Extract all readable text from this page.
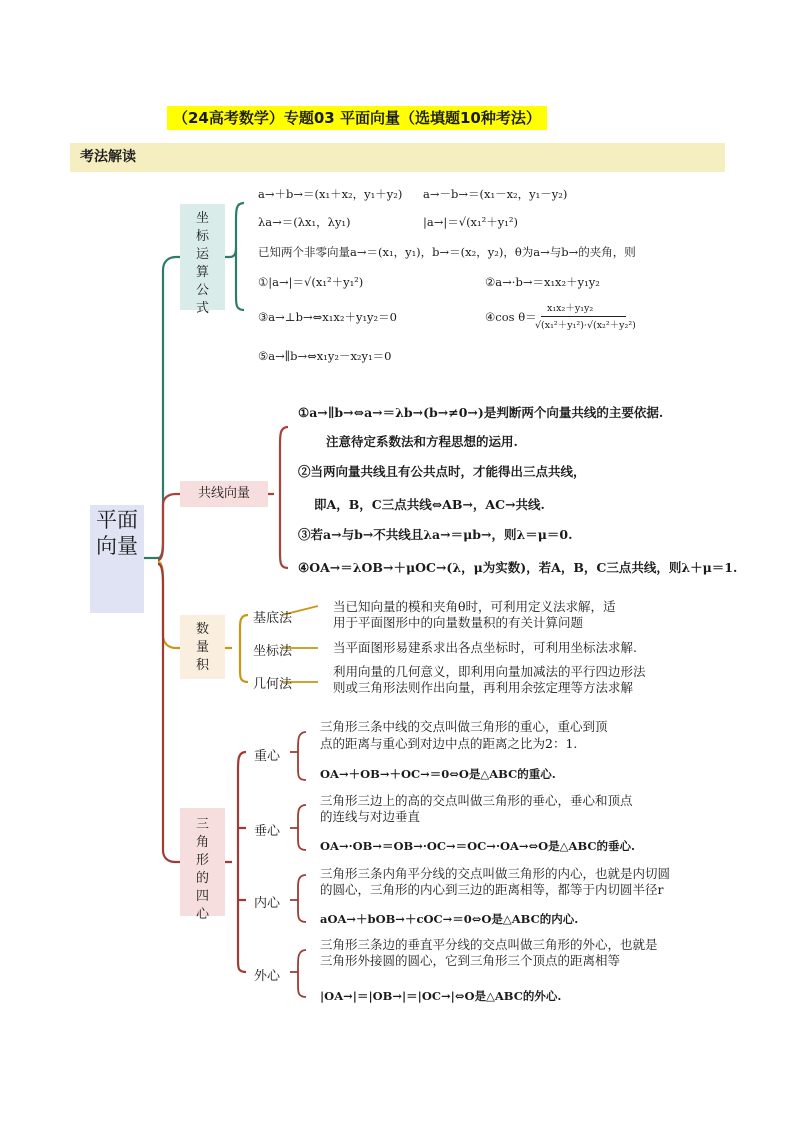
（24高考数学）专题03 平面向量（选填题10种考法）
考法解读
平面向量
坐标运算公式
共线向量
数量积
三角形的四心
a→＋b→＝(x₁＋x₂，y₁＋y₂) a→－b→＝(x₁－x₂，y₁－y₂)
λa→＝(λx₁，λy₁)	|a→|＝√(x₁²＋y₁²)
已知两个非零向量a→＝(x₁，y₁)，b→＝(x₂，y₂)，θ为a→与b→的夹角，则
①|a→|＝√(x₁²＋y₁²)	②a→·b→＝x₁x₂＋y₁y₂
③a→⊥b→⇔x₁x₂＋y₁y₂＝0	④cos θ＝
x₁x₂＋y₁y₂
√(x₁²＋y₁²)·√(x₂²＋y₂²)
⑤a→∥b→⇔x₁y₂－x₂y₁＝0
①a→∥b→⇔a→＝λb→(b→≠0→)是判断两个向量共线的主要依据.
注意待定系数法和方程思想的运用.
②当两向量共线且有公共点时，才能得出三点共线，
即A，B，C三点共线⇔AB→，AC→共线.
③若a→与b→不共线且λa→＝μb→，则λ＝μ＝0.
④OA→＝λOB→＋μOC→(λ，μ为实数)，若A，B，C三点共线，则λ＋μ＝1.
基底法
当已知向量的模和夹角θ时，可利用定义法求解，适
用于平面图形中的向量数量积的有关计算问题
坐标法	当平面图形易建系求出各点坐标时，可利用坐标法求解.
几何法
利用向量的几何意义，即利用向量加减法的平行四边形法
则或三角形法则作出向量，再利用余弦定理等方法求解
重心
三角形三条中线的交点叫做三角形的重心，重心到顶
点的距离与重心到对边中点的距离之比为2：1.
OA→＋OB→＋OC→＝0⇔O是△ABC的重心.
垂心
三角形三边上的高的交点叫做三角形的垂心，垂心和顶点
的连线与对边垂直
OA→·OB→＝OB→·OC→＝OC→·OA→⇔O是△ABC的垂心.
内心
三角形三条内角平分线的交点叫做三角形的内心，也就是内切圆
的圆心，三角形的内心到三边的距离相等，都等于内切圆半径r
aOA→＋bOB→＋cOC→＝0⇔O是△ABC的内心.
外心
三角形三条边的垂直平分线的交点叫做三角形的外心，也就是
三角形外接圆的圆心，它到三角形三个顶点的距离相等
|OA→|＝|OB→|＝|OC→|⇔O是△ABC的外心.
